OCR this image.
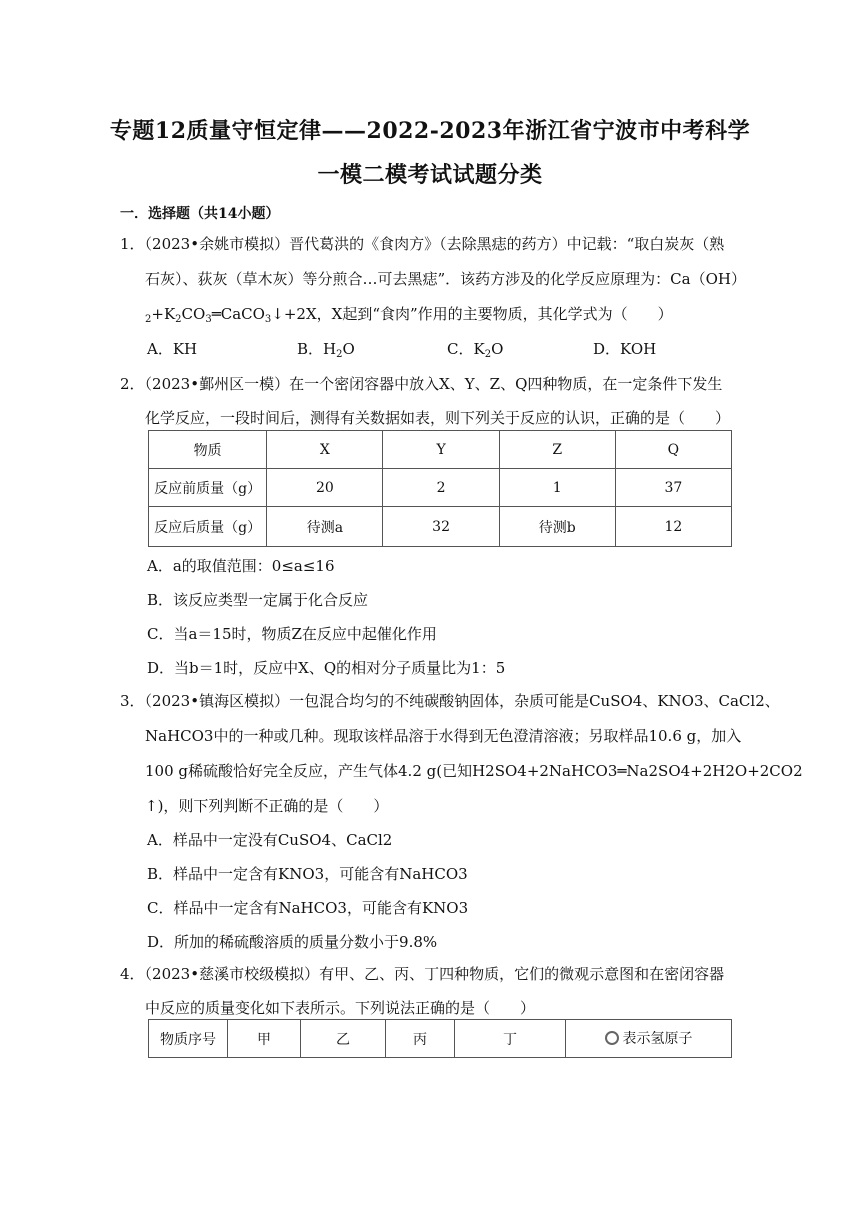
专题12质量守恒定律——2022-2023年浙江省宁波市中考科学
一模二模考试试题分类
一．选择题（共14小题）
1．（2023•余姚市模拟）晋代葛洪的《食肉方》（去除黑痣的药方）中记载：“取白炭灰（熟
石灰）、荻灰（草木灰）等分煎合…可去黑痣”．该药方涉及的化学反应原理为：Ca（OH）
$_2+K_2CO_3═CaCO_3↓+2X$，X起到“食肉”作用的主要物质，其化学式为（　　）
A．KH	B．$H_2O$	C．$K_2O$	D．KOH
2．（2023•鄞州区一模）在一个密闭容器中放入X、Y、Z、Q四种物质，在一定条件下发生
化学反应，一段时间后，测得有关数据如表，则下列关于反应的认识，正确的是（　　）
物质	X	Y	Z	Q
反应前质量（g）	20	2	1	37
反应后质量（g）	待测a	32	待测b	12
A．a的取值范围：0≤a≤16
B．该反应类型一定属于化合反应
C．当a＝15时，物质Z在反应中起催化作用
D．当b＝1时，反应中X、Q的相对分子质量比为1：5
3．（2023•镇海区模拟）一包混合均匀的不纯碳酸钠固体，杂质可能是CuSO4、KNO3、CaCl2、
NaHCO3中的一种或几种。现取该样品溶于水得到无色澄清溶液；另取样品10.6 g，加入
100 g稀硫酸恰好完全反应，产生气体4.2 g(已知H2SO4+2NaHCO3═Na2SO4+2H2O+2CO2
↑)，则下列判断不正确的是（　　）
A．样品中一定没有CuSO4、CaCl2
B．样品中一定含有KNO3，可能含有NaHCO3
C．样品中一定含有NaHCO3，可能含有KNO3
D．所加的稀硫酸溶质的质量分数小于9.8%
4．（2023•慈溪市校级模拟）有甲、乙、丙、丁四种物质，它们的微观示意图和在密闭容器
中反应的质量变化如下表所示。下列说法正确的是（　　）
物质序号	甲	乙	丙	丁	表示氢原子
